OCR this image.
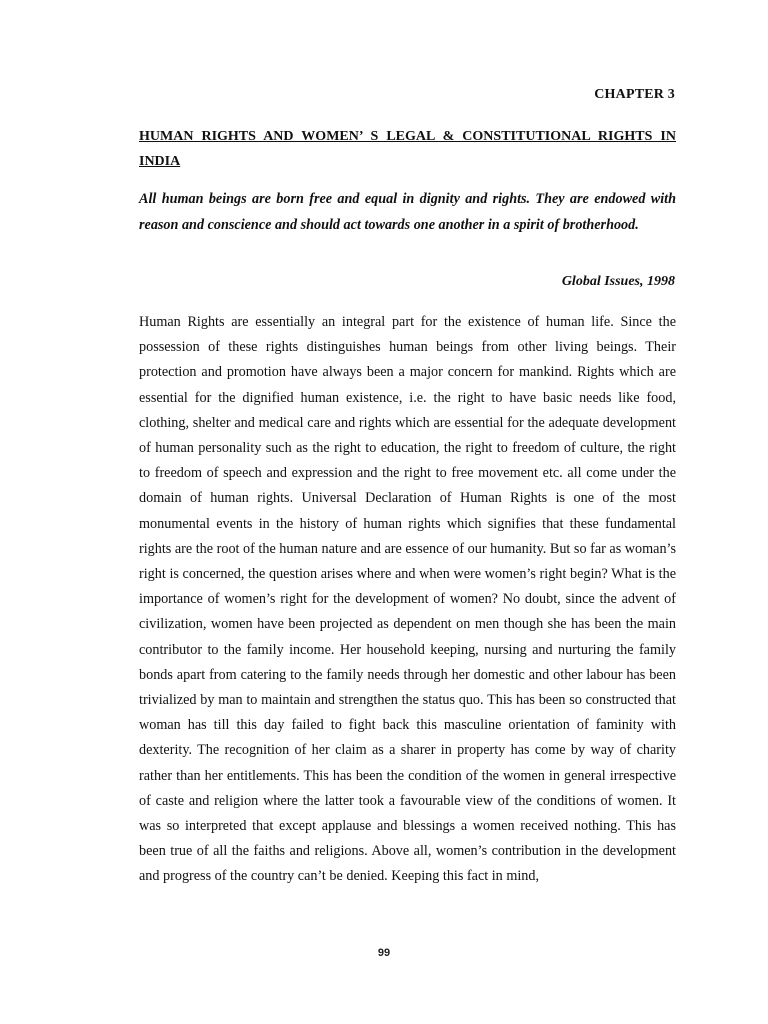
CHAPTER 3
HUMAN RIGHTS AND WOMEN’ S LEGAL & CONSTITUTIONAL RIGHTS IN INDIA
All human beings are born free and equal in dignity and rights. They are endowed with reason and conscience and should act towards one another in a spirit of brotherhood.
Global Issues, 1998

Human Rights are essentially an integral part for the existence of human life. Since the possession of these rights distinguishes human beings from other living beings. Their protection and promotion have always been a major concern for mankind. Rights which are essential for the dignified human existence, i.e. the right to have basic needs like food, clothing, shelter and medical care and rights which are essential for the adequate development of human personality such as the right to education, the right to freedom of culture, the right to freedom of speech and expression and the right to free movement etc. all come under the domain of human rights. Universal Declaration of Human Rights is one of the most monumental events in the history of human rights which signifies that these fundamental rights are the root of the human nature and are essence of our humanity. But so far as woman’s right is concerned, the question arises where and when were women’s right begin? What is the importance of women’s right for the development of women? No doubt, since the advent of civilization, women have been projected as dependent on men though she has been the main contributor to the family income. Her household keeping, nursing and nurturing the family bonds apart from catering to the family needs through her domestic and other labour has been trivialized by man to maintain and strengthen the status quo. This has been so constructed that woman has till this day failed to fight back this masculine orientation of faminity with dexterity. The recognition of her claim as a sharer in property has come by way of charity rather than her entitlements. This has been the condition of the women in general irrespective of caste and religion where the latter took a favourable view of the conditions of women. It was so interpreted that except applause and blessings a women received nothing. This has been true of all the faiths and religions. Above all, women’s contribution in the development and progress of the country can’t be denied. Keeping this fact in mind,

99
